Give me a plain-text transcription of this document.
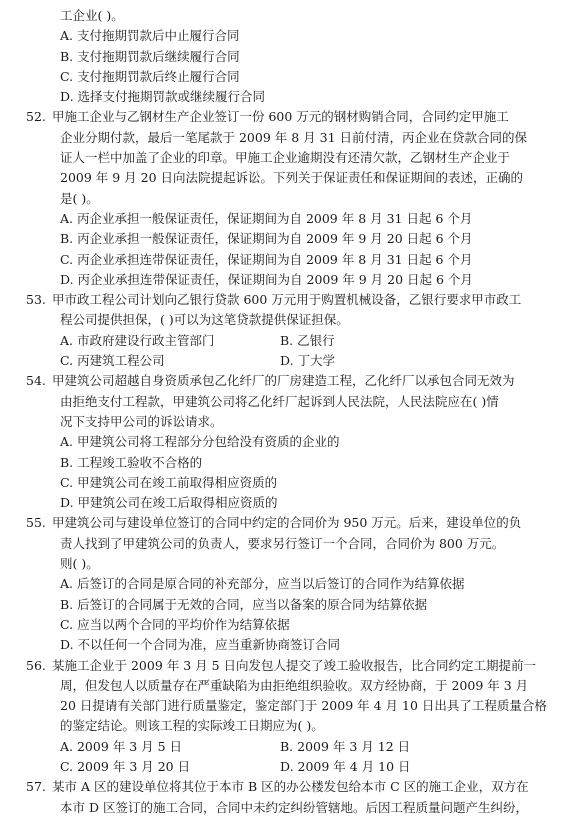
工企业( )。
A. 支付拖期罚款后中止履行合同
B. 支付拖期罚款后继续履行合同
C. 支付拖期罚款后终止履行合同
D. 选择支付拖期罚款或继续履行合同
52. 甲施工企业与乙钢材生产企业签订一份 600 万元的钢材购销合同，合同约定甲施工
企业分期付款，最后一笔尾款于 2009 年 8 月 31 日前付清，丙企业在贷款合同的保
证人一栏中加盖了企业的印章。甲施工企业逾期没有还清欠款，乙钢材生产企业于
2009 年 9 月 20 日向法院提起诉讼。下列关于保证责任和保证期间的表述，正确的
是( )。
A. 丙企业承担一般保证责任，保证期间为自 2009 年 8 月 31 日起 6 个月
B. 丙企业承担一般保证责任，保证期间为自 2009 年 9 月 20 日起 6 个月
C. 丙企业承担连带保证责任，保证期间为自 2009 年 8 月 31 日起 6 个月
D. 丙企业承担连带保证责任，保证期间为自 2009 年 9 月 20 日起 6 个月
53. 甲市政工程公司计划向乙银行贷款 600 万元用于购置机械设备，乙银行要求甲市政工
程公司提供担保，( )可以为这笔贷款提供保证担保。
A. 市政府建设行政主管部门	B. 乙银行
C. 丙建筑工程公司	D. 丁大学
54. 甲建筑公司超越自身资质承包乙化纤厂的厂房建造工程，乙化纤厂以承包合同无效为
由拒绝支付工程款，甲建筑公司将乙化纤厂起诉到人民法院，人民法院应在( )情
况下支持甲公司的诉讼请求。
A. 甲建筑公司将工程部分分包给没有资质的企业的
B. 工程竣工验收不合格的
C. 甲建筑公司在竣工前取得相应资质的
D. 甲建筑公司在竣工后取得相应资质的
55. 甲建筑公司与建设单位签订的合同中约定的合同价为 950 万元。后来，建设单位的负
责人找到了甲建筑公司的负责人，要求另行签订一个合同，合同价为 800 万元。
则( )。
A. 后签订的合同是原合同的补充部分，应当以后签订的合同作为结算依据
B. 后签订的合同属于无效的合同，应当以备案的原合同为结算依据
C. 应当以两个合同的平均价作为结算依据
D. 不以任何一个合同为准，应当重新协商签订合同
56. 某施工企业于 2009 年 3 月 5 日向发包人提交了竣工验收报告，比合同约定工期提前一
周，但发包人以质量存在严重缺陷为由拒绝组织验收。双方经协商，于 2009 年 3 月
20 日提请有关部门进行质量鉴定，鉴定部门于 2009 年 4 月 10 日出具了工程质量合格
的鉴定结论。则该工程的实际竣工日期应为( )。
A. 2009 年 3 月 5 日	B. 2009 年 3 月 12 日
C. 2009 年 3 月 20 日	D. 2009 年 4 月 10 日
57. 某市 A 区的建设单位将其位于本市 B 区的办公楼发包给本市 C 区的施工企业，双方在
本市 D 区签订的施工合同，合同中未约定纠纷管辖地。后因工程质量问题产生纠纷，
